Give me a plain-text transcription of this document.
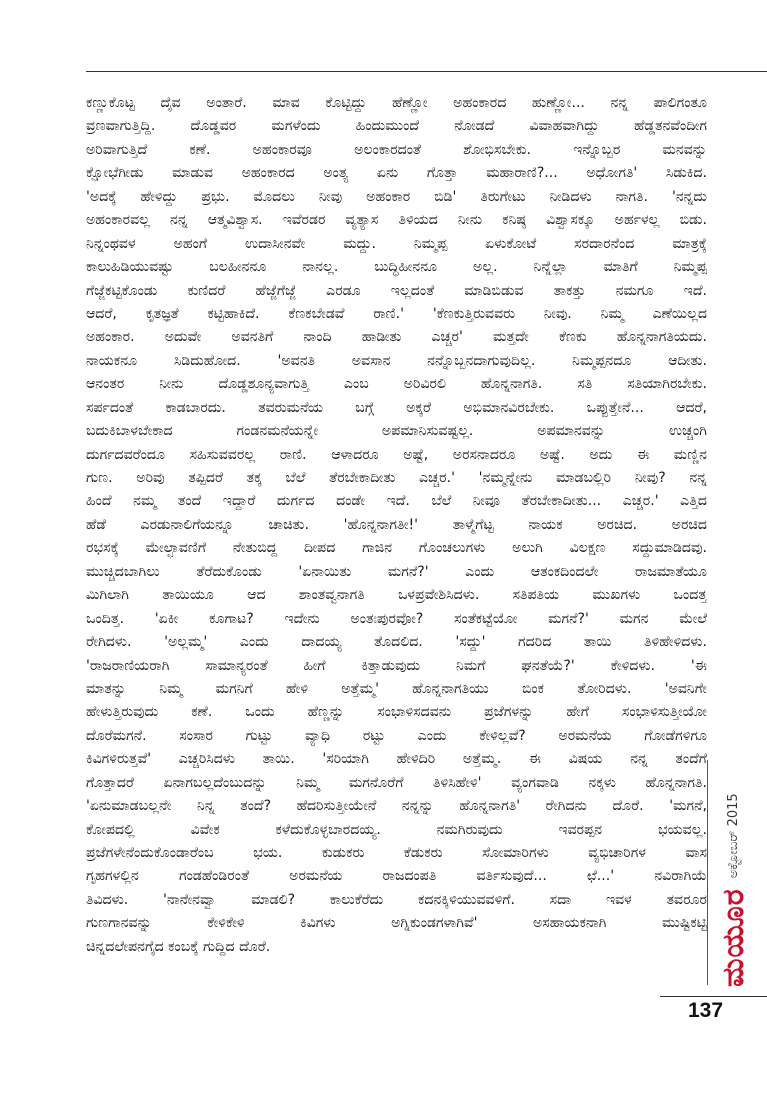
ಕಣ್ಣುಕೊಟ್ಟ ದೈವ ಅಂತಾರೆ. ಮಾವ ಕೊಟ್ಟಿದ್ದು ಹೆಣ್ಣೋ ಅಹಂಕಾರದ ಹುಣ್ಣೋ... ನನ್ನ ಪಾಲಿಗಂತೂ
ವ್ರಣವಾಗುತ್ತಿದ್ದಿ. ದೊಡ್ಡವರ ಮಗಳೆಂದು ಹಿಂದುಮುಂದೆ ನೋಡದೆ ವಿವಾಹವಾಗಿದ್ದು ಹೆಡ್ಡತನವೆಂದೀಗ
ಅರಿವಾಗುತ್ತಿದೆ ಕಣೆ. ಅಹಂಕಾರವೂ ಅಲಂಕಾರದಂತೆ ಶೋಭಿಸಬೇಕು. ಇನ್ನೊಬ್ಬರ ಮನವನ್ನು
ಕ್ಷೋಭೆಗೀಡು ಮಾಡುವ ಅಹಂಕಾರದ ಅಂತ್ಯ ಏನು ಗೊತ್ತಾ ಮಹಾರಾಣಿ?... ಅಧೋಗತಿ' ಸಿಡುಕಿದ.
'ಅದಕ್ಕೆ ಹೇಳಿದ್ದು ಪ್ರಭು. ಮೊದಲು ನೀವು ಅಹಂಕಾರ ಬಿಡಿ' ತಿರುಗೇಟು ನೀಡಿದಳು ನಾಗತಿ. 'ನನ್ನದು
ಅಹಂಕಾರವಲ್ಲ ನನ್ನ ಆತ್ಮವಿಶ್ವಾಸ. ಇವೆರಡರ ವ್ಯತ್ಯಾಸ ತಿಳಿಯದ ನೀನು ಕನಿಷ್ಠ ವಿಶ್ವಾಸಕ್ಕೂ ಅರ್ಹಳಲ್ಲ ಬಿಡು.
ನಿನ್ನಂಥವಳ ಅಹಂಗೆ ಉದಾಸೀನವೇ ಮದ್ದು. ನಿಮ್ಮಪ್ಪ ಏಳುಕೋಟೆ ಸರದಾರನೆಂದ ಮಾತ್ರಕ್ಕೆ
ಕಾಲುಹಿಡಿಯುವಷ್ಟು ಬಲಹೀನನೂ ನಾನಲ್ಲ. ಬುದ್ಧಿಹೀನನೂ ಅಲ್ಲ. ನಿನ್ನೆಲ್ಲಾ ಮಾತಿಗೆ ನಿಮ್ಮಪ್ಪ
ಗೆಜ್ಜೆಕಟ್ಟಿಕೊಂಡು ಕುಣಿದರೆ ಹೆಜ್ಜೆಗೆಜ್ಜೆ ಎರಡೂ ಇಲ್ಲದಂತೆ ಮಾಡಿಬಿಡುವ ತಾಕತ್ತು ನಮಗೂ ಇದೆ.
ಆದರೆ, ಕೃತಜ್ಞತೆ ಕಟ್ಟಿಹಾಕಿದೆ. ಕೆಣಕಬೇಡವೆ ರಾಣಿ.' 'ಕೆಣಕುತ್ತಿರುವವರು ನೀವು. ನಿಮ್ಮ ಎಣೆಯಿಲ್ಲದ
ಅಹಂಕಾರ. ಅದುವೇ ಅವನತಿಗೆ ನಾಂದಿ ಹಾಡೀತು ಎಚ್ಚರ' ಮತ್ತದೇ ಕೆಣಕು ಹೊನ್ನನಾಗತಿಯದು.
ನಾಯಕನೂ ಸಿಡಿದುಹೋದ. 'ಅವನತಿ ಅವಸಾನ ನನ್ನೊಬ್ಬನದಾಗುವುದಿಲ್ಲ. ನಿಮ್ಮಪ್ಪನದೂ ಆದೀತು.
ಆನಂತರ ನೀನು ದೊಡ್ಡಶೂನ್ಯವಾಗುತ್ತಿ ಎಂಬ ಅರಿವಿರಲಿ ಹೊನ್ನನಾಗತಿ. ಸತಿ ಸತಿಯಾಗಿರಬೇಕು.
ಸರ್ಪದಂತೆ ಕಾಡಬಾರದು. ತವರುಮನೆಯ ಬಗ್ಗೆ ಅಕ್ಕರೆ ಅಭಿಮಾನವಿರಬೇಕು. ಒಪ್ಪುತ್ತೇನೆ... ಆದರೆ,
ಬದುಕಿಬಾಳಬೇಕಾದ ಗಂಡನಮನೆಯನ್ನೇ ಅಪಮಾನಿಸುವಷ್ಟಲ್ಲ. ಅಪಮಾನವನ್ನು ಉಚ್ಚಂಗಿ
ದುರ್ಗದವರೆಂದೂ ಸಹಿಸುವವರಲ್ಲ ರಾಣಿ. ಆಳಾದರೂ ಅಷ್ಟೆ, ಅರಸನಾದರೂ ಅಷ್ಟೆ. ಅದು ಈ ಮಣ್ಣಿನ
ಗುಣ. ಅರಿವು ತಪ್ಪಿದರೆ ತಕ್ಕ ಬೆಲೆ ತೆರಬೇಕಾದೀತು ಎಚ್ಚರ.' 'ನಮ್ಮನ್ನೇನು ಮಾಡಬಲ್ಲಿರಿ ನೀವು? ನನ್ನ
ಹಿಂದೆ ನಮ್ಮ ತಂದೆ ಇದ್ದಾರೆ ದುರ್ಗದ ದಂಡೇ ಇದೆ. ಬೆಲೆ ನೀವೂ ತೆರಬೇಕಾದೀತು... ಎಚ್ಚರ.' ಎತ್ತಿದ
ಹೆಡೆ ಎರಡುನಾಲಿಗೆಯನ್ನೂ ಚಾಚಿತು. 'ಹೊನ್ನನಾಗತೀ!' ತಾಳ್ಮೆಗೆಟ್ಟ ನಾಯಕ ಅರಚಿದ. ಅರಚಿದ
ರಭಸಕ್ಕೆ ಮೇಲ್ಛಾವಣಿಗೆ ನೇತುಬಿದ್ದ ದೀಪದ ಗಾಜಿನ ಗೊಂಚಲುಗಳು ಅಲುಗಿ ವಿಲಕ್ಷಣ ಸದ್ದುಮಾಡಿದವು.
ಮುಚ್ಚಿದಬಾಗಿಲು ತೆರೆದುಕೊಂಡು 'ಏನಾಯಿತು ಮಗನೆ?' ಎಂದು ಆತಂಕದಿಂದಲೇ ರಾಜಮಾತೆಯೂ
ಮಿಗಿಲಾಗಿ ತಾಯಿಯೂ ಆದ ಶಾಂತವ್ವನಾಗತಿ ಒಳಪ್ರವೇಶಿಸಿದಳು. ಸತಿಪತಿಯ ಮುಖಗಳು ಒಂದತ್ತ
ಒಂದಿತ್ತ. 'ಏಕೀ ಕೂಗಾಟ? ಇದೇನು ಅಂತಃಪುರವೋ? ಸಂತೆಕಟ್ಟೆಯೋ ಮಗನೆ?' ಮಗನ ಮೇಲೆ
ರೇಗಿದಳು. 'ಅಲ್ಲಮ್ಮ' ಎಂದು ದಾದಯ್ಯ ತೊದಲಿದ. 'ಸದ್ದು' ಗದರಿದ ತಾಯಿ ತಿಳಿಹೇಳಿದಳು.
'ರಾಜರಾಣಿಯರಾಗಿ ಸಾಮಾನ್ಯರಂತೆ ಹೀಗೆ ಕಿತ್ತಾಡುವುದು ನಿಮಗೆ ಘನತೆಯೆ?' ಕೇಳಿದಳು. 'ಈ
ಮಾತನ್ನು ನಿಮ್ಮ ಮಗನಿಗೆ ಹೇಳಿ ಅತ್ತೆಮ್ಮ' ಹೊನ್ನನಾಗತಿಯು ಬಿಂಕ ತೋರಿದಳು. 'ಅವನಿಗೇ
ಹೇಳುತ್ತಿರುವುದು ಕಣೆ. ಒಂದು ಹೆಣ್ಣನ್ನು ಸಂಭಾಳಿಸದವನು ಪ್ರಜೆಗಳನ್ನು ಹೇಗೆ ಸಂಭಾಳಿಸುತ್ತೀಯೋ
ದೊರೆಮಗನೆ. ಸಂಸಾರ ಗುಟ್ಟು ವ್ಯಾಧಿ ರಟ್ಟು ಎಂದು ಕೇಳಿಲ್ಲವೆ? ಅರಮನೆಯ ಗೋಡೆಗಳಿಗೂ
ಕಿವಿಗಳಿರುತ್ತವೆ' ಎಚ್ಚರಿಸಿದಳು ತಾಯಿ. 'ಸರಿಯಾಗಿ ಹೇಳಿದಿರಿ ಅತ್ತೆಮ್ಮ. ಈ ವಿಷಯ ನನ್ನ ತಂದೆಗೆ
ಗೊತ್ತಾದರೆ ಏನಾಗಬಲ್ಲದೆಂಬುದನ್ನು ನಿಮ್ಮ ಮಗನೊರೆಗೆ ತಿಳಿಸಿಹೇಳಿ' ವ್ಯಂಗವಾಡಿ ನಕ್ಕಳು ಹೊನ್ನನಾಗತಿ.
'ಏನುಮಾಡಬಲ್ಲನೇ ನಿನ್ನ ತಂದೆ? ಹೆದರಿಸುತ್ತೀಯೇನೆ ನನ್ನನ್ನು ಹೊನ್ನನಾಗತಿ' ರೇಗಿದನು ದೊರೆ. 'ಮಗನೆ,
ಕೋಪದಲ್ಲಿ ವಿವೇಕ ಕಳೆದುಕೊಳ್ಳಬಾರದಯ್ಯ. ನಮಗಿರುವುದು ಇವರಪ್ಪನ ಭಯವಲ್ಲ.
ಪ್ರಜೆಗಳೇನೆಂದುಕೊಂಡಾರೆಂಬ ಭಯ. ಕುಡುಕರು ಕೆಡುಕರು ಸೋಮಾರಿಗಳು ವ್ಯಭಿಚಾರಿಗಳ ವಾಸ
ಗೃಹಗಳಲ್ಲಿನ ಗಂಡಹೆಂಡಿರಂತೆ ಅರಮನೆಯ ರಾಜದಂಪತಿ ವರ್ತಿಸುವುದೆ... ಛೆ...' ನವಿರಾಗಿಯೆ
ತಿವಿದಳು. 'ನಾನೇನವ್ವಾ ಮಾಡಲಿ? ಕಾಲುಕೆರೆದು ಕದನಕ್ಕಿಳಿಯುವವಳಿಗೆ. ಸದಾ ಇವಳ ತವರೂರ
ಗುಣಗಾನವನ್ನು ಕೇಳಿಕೇಳಿ ಕಿವಿಗಳು ಅಗ್ನಿಕುಂಡಗಳಾಗಿವೆ' ಅಸಹಾಯಕನಾಗಿ ಮುಷ್ಟಿಕಟ್ಟಿ
ಚಿನ್ನದಲೇಪನಗೈದ ಕಂಬಕ್ಕೆ ಗುದ್ದಿದ ದೊರೆ.	ಮಯೂರ
ಅಕ್ಟೋಬರ್ 2015
137
